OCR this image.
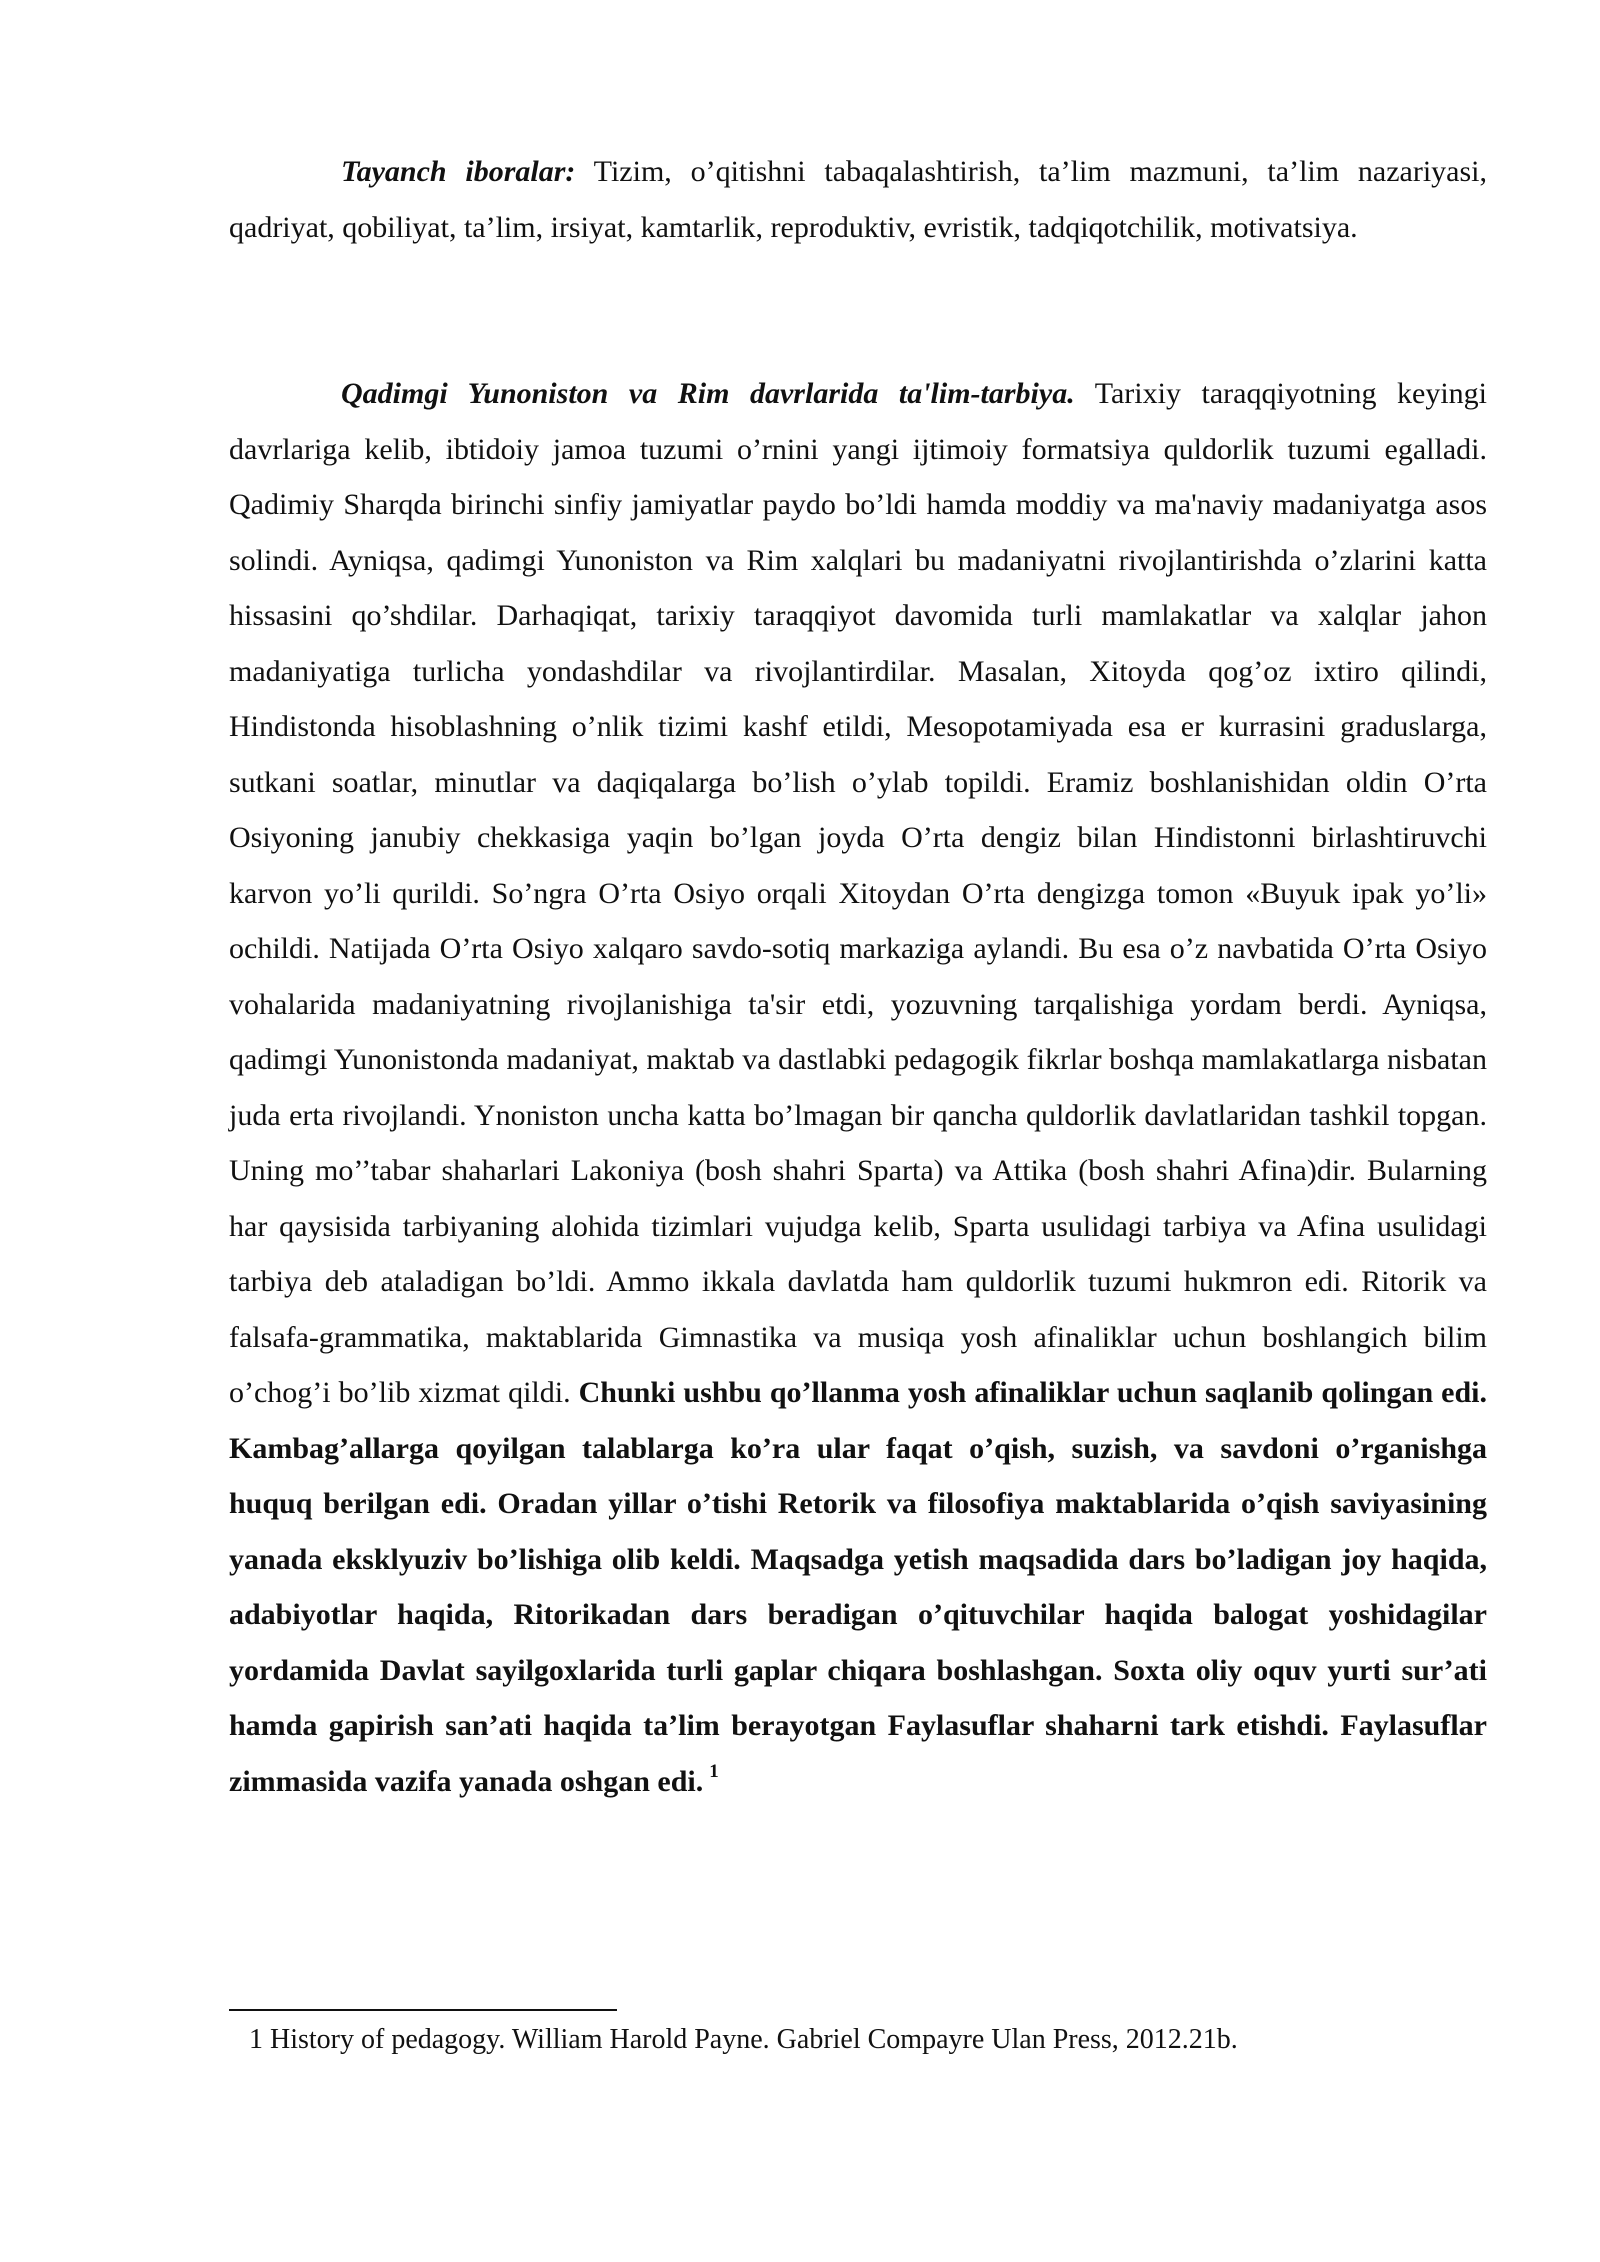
Tayanch iboralar: Tizim, o’qitishni tabaqalashtirish, ta’lim mazmuni, ta’lim nazariyasi, qadriyat, qobiliyat, ta’lim, irsiyat, kamtarlik, reproduktiv, evristik, tadqiqotchilik, motivatsiya.

Qadimgi Yunoniston va Rim davrlarida ta'lim-tarbiya. Tarixiy taraqqiyotning keyingi davrlariga kelib, ibtidoiy jamoa tuzumi o’rnini yangi ijtimoiy formatsiya quldorlik tuzumi egalladi. Qadimiy Sharqda birinchi sinfiy jamiyatlar paydo bo’ldi hamda moddiy va ma'naviy madaniyatga asos solindi. Ayniqsa, qadimgi Yunoniston va Rim xalqlari bu madaniyatni rivojlantirishda o’zlarini katta hissasini qo’shdilar. Darhaqiqat, tarixiy taraqqiyot davomida turli mamlakatlar va xalqlar jahon madaniyatiga turlicha yondashdilar va rivojlantirdilar. Masalan, Xitoyda qog’oz ixtiro qilindi, Hindistonda hisoblashning o’nlik tizimi kashf etildi, Mesopotamiyada esa er kurrasini graduslarga, sutkani soatlar, minutlar va daqiqalarga bo’lish o’ylab topildi. Eramiz boshlanishidan oldin O’rta Osiyoning janubiy chekkasiga yaqin bo’lgan joyda O’rta dengiz bilan Hindistonni birlashtiruvchi karvon yo’li qurildi. So’ngra O’rta Osiyo orqali Xitoydan O’rta dengizga tomon «Buyuk ipak yo’li» ochildi. Natijada O’rta Osiyo xalqaro savdo-sotiq markaziga aylandi. Bu esa o’z navbatida O’rta Osiyo vohalarida madaniyatning rivojlanishiga ta'sir etdi, yozuvning tarqalishiga yordam berdi. Ayniqsa, qadimgi Yunonistonda madaniyat, maktab va dastlabki pedagogik fikrlar boshqa mamlakatlarga nisbatan juda erta rivojlandi. Ynoniston uncha katta bo’lmagan bir qancha quldorlik davlatlaridan tashkil topgan. Uning mo’’tabar shaharlari Lakoniya (bosh shahri Sparta) va Attika (bosh shahri Afina)dir. Bularning har qaysisida tarbiyaning alohida tizimlari vujudga kelib, Sparta usulidagi tarbiya va Afina usulidagi tarbiya deb ataladigan bo’ldi. Ammo ikkala davlatda ham quldorlik tuzumi hukmron edi. Ritorik va falsafa-grammatika, maktablarida Gimnastika va musiqa yosh afinaliklar uchun boshlangich bilim o’chog’i bo’lib xizmat qildi. Chunki ushbu qo’llanma yosh afinaliklar uchun saqlanib qolingan edi. Kambag’allarga qoyilgan talablarga ko’ra ular faqat o’qish, suzish, va savdoni o’rganishga huquq berilgan edi. Oradan yillar o’tishi Retorik va filosofiya maktablarida o’qish saviyasining yanada eksklyuziv bo’lishiga olib keldi. Maqsadga yetish maqsadida dars bo’ladigan joy haqida, adabiyotlar haqida, Ritorikadan dars beradigan o’qituvchilar haqida balogat yoshidagilar yordamida Davlat sayilgoxlarida turli gaplar chiqara boshlashgan. Soxta oliy oquv yurti sur’ati hamda gapirish san’ati haqida ta’lim berayotgan Faylasuflar shaharni tark etishdi. Faylasuflar zimmasida vazifa yanada oshgan edi. $^1$

1 History of pedagogy. William Harold Payne. Gabriel Compayre Ulan Press, 2012.21b.
